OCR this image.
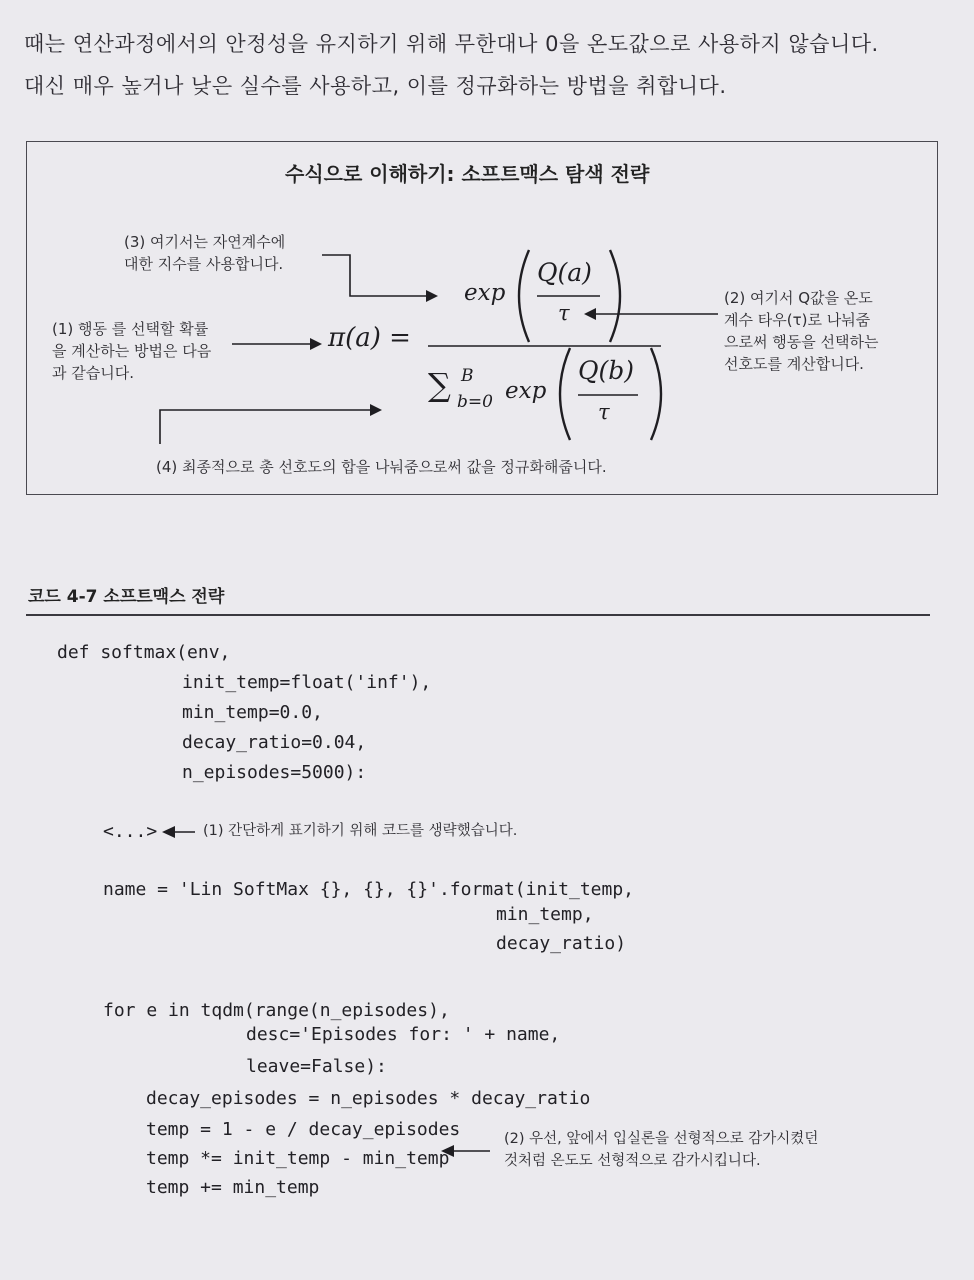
때는 연산과정에서의 안정성을 유지하기 위해 무한대나 0을 온도값으로 사용하지 않습니다.
대신 매우 높거나 낮은 실수를 사용하고, 이를 정규화하는 방법을 취합니다.
수식으로 이해하기: 소프트맥스 탐색 전략
(3) 여기서는 자연계수에
대한 지수를 사용합니다.
(1) 행동 를 선택할 확률
을 계산하는 방법은 다음
과 같습니다.
(2) 여기서 Q값을 온도
계수 타우(τ)로 나눠줌
으로써 행동을 선택하는
선호도를 계산합니다.
(4) 최종적으로 총 선호도의 합을 나눠줌으로써 값을 정규화해줍니다.
π(a) =
exp
Q(a)
τ
∑ B
b=0 exp
Q(b)
τ
코드 4-7 소프트맥스 전략
def softmax(env,
init_temp=float('inf'),
min_temp=0.0,
decay_ratio=0.04,
n_episodes=5000):
<...>	(1) 간단하게 표기하기 위해 코드를 생략했습니다.
name = 'Lin SoftMax {}, {}, {}'.format(init_temp,
min_temp,
decay_ratio)
for e in tqdm(range(n_episodes),
desc='Episodes for: ' + name,
leave=False):
decay_episodes = n_episodes * decay_ratio
temp = 1 - e / decay_episodes
temp *= init_temp - min_temp
temp += min_temp
(2) 우선, 앞에서 입실론을 선형적으로 감가시켰던
것처럼 온도도 선형적으로 감가시킵니다.
